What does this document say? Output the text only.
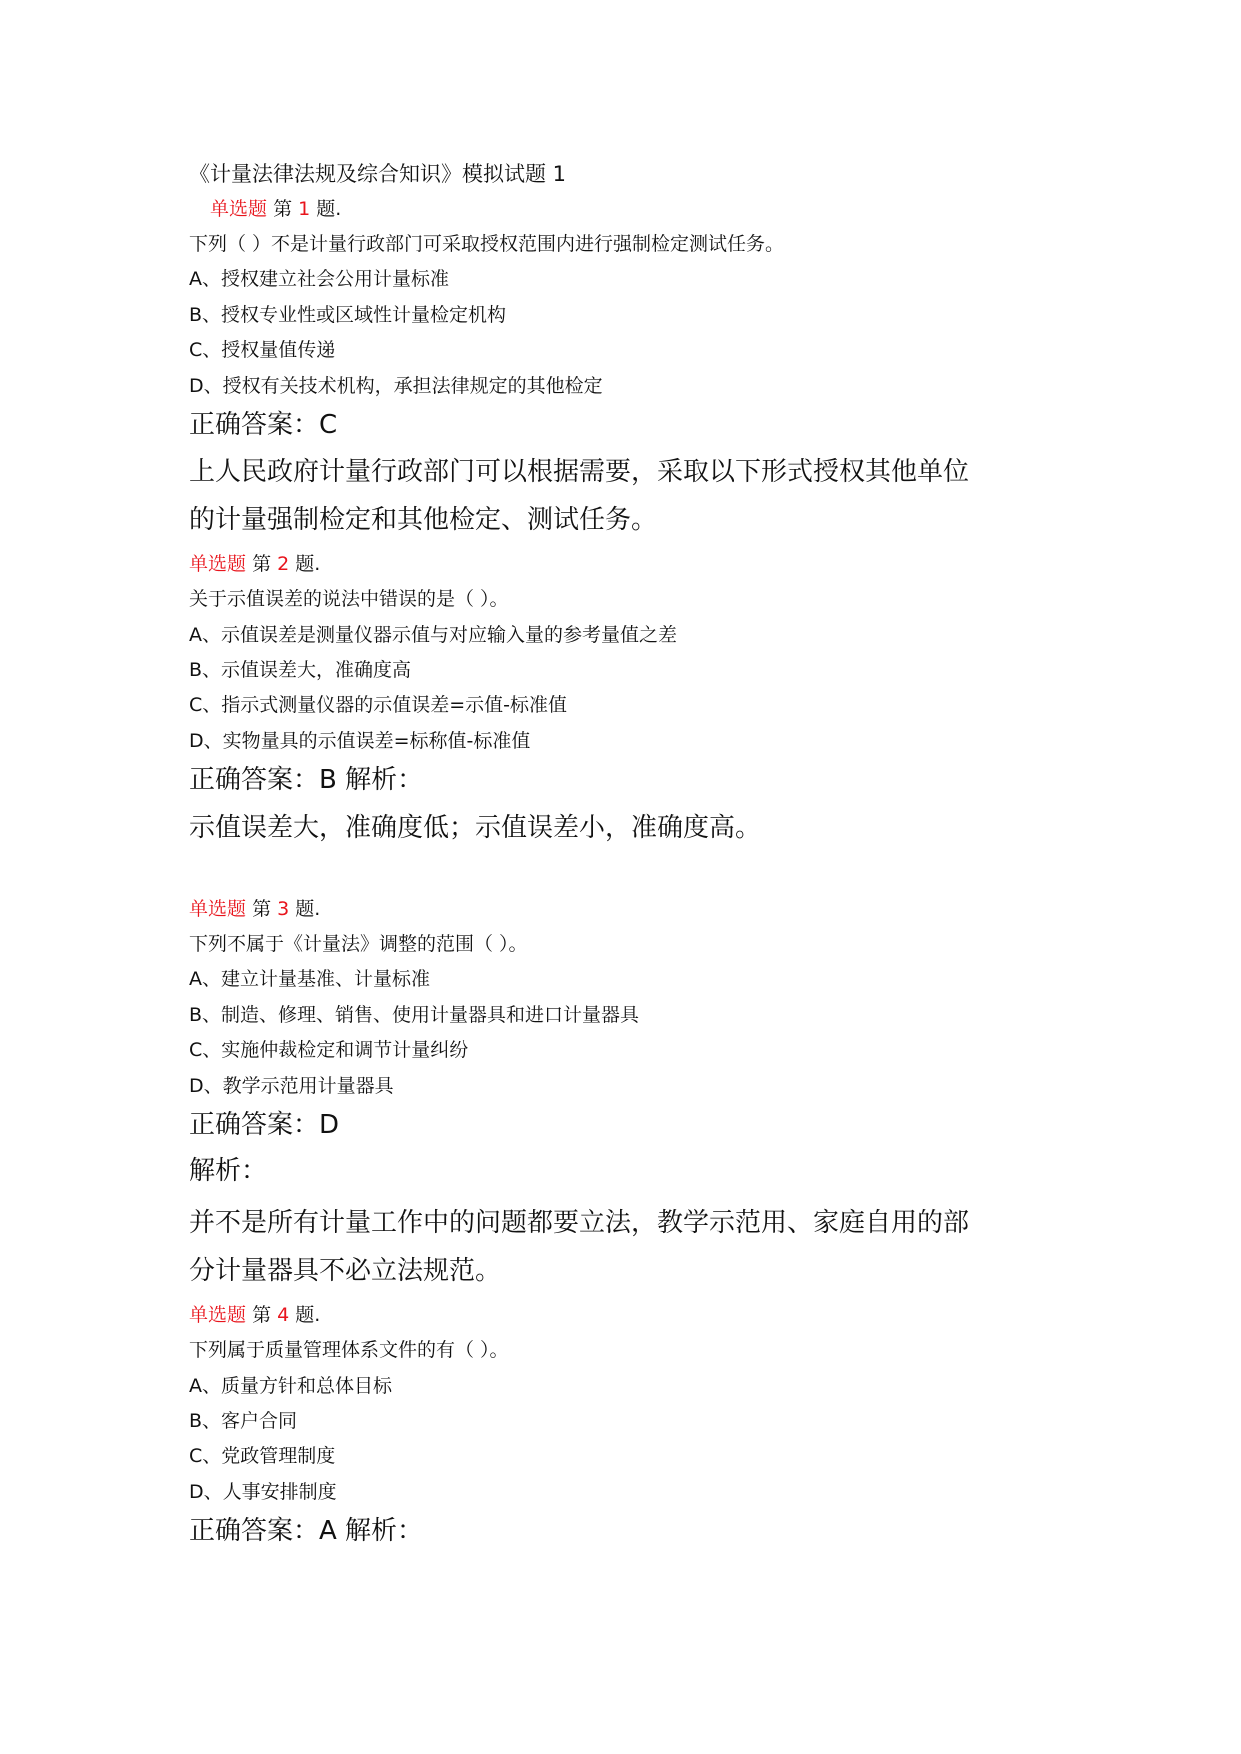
《计量法律法规及综合知识》模拟试题 1
单选题 第 1 题.
下列（ ）不是计量行政部门可采取授权范围内进行强制检定测试任务。
A、授权建立社会公用计量标准
B、授权专业性或区域性计量检定机构
C、授权量值传递
D、授权有关技术机构，承担法律规定的其他检定
正确答案：C
上人民政府计量行政部门可以根据需要，采取以下形式授权其他单位
的计量强制检定和其他检定、测试任务。
单选题 第 2 题.
关于示值误差的说法中错误的是（ ）。
A、示值误差是测量仪器示值与对应输入量的参考量值之差
B、示值误差大，准确度高
C、指示式测量仪器的示值误差=示值-标准值
D、实物量具的示值误差=标称值-标准值
正确答案：B 解析：
示值误差大，准确度低；示值误差小，准确度高。
单选题 第 3 题.
下列不属于《计量法》调整的范围（ ）。
A、建立计量基准、计量标准
B、制造、修理、销售、使用计量器具和进口计量器具
C、实施仲裁检定和调节计量纠纷
D、教学示范用计量器具
正确答案：D
解析：
并不是所有计量工作中的问题都要立法，教学示范用、家庭自用的部
分计量器具不必立法规范。
单选题 第 4 题.
下列属于质量管理体系文件的有（ ）。
A、质量方针和总体目标
B、客户合同
C、党政管理制度
D、人事安排制度
正确答案：A 解析：
